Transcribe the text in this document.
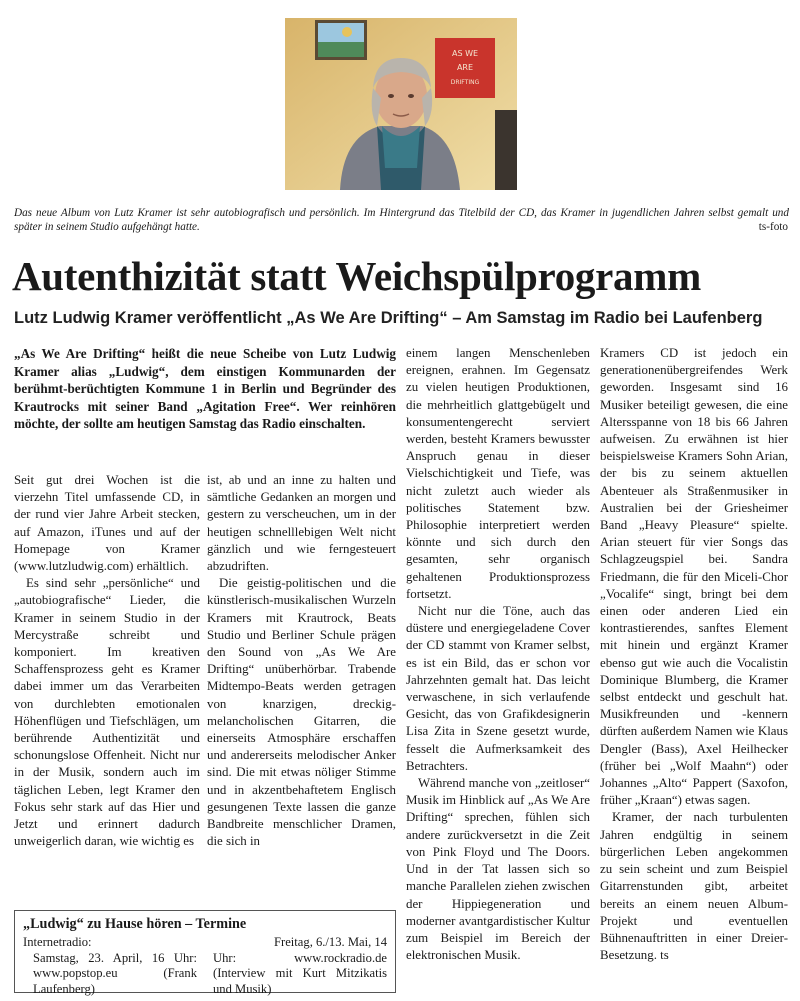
AS WE
ARE
DRIFTING

Das neue Album von Lutz Kramer ist sehr autobiografisch und persönlich. Im Hintergrund das Titelbild der CD, das Kramer in jugendlichen Jahren selbst gemalt und später in seinem Studio aufgehängt hatte.	ts-foto
Autenthizität statt Weichspülprogramm
Lutz Ludwig Kramer veröffentlicht „As We Are Drifting“ – Am Samstag im Radio bei Laufenberg

„As We Are Drifting“ heißt die neue Scheibe von Lutz Ludwig Kramer alias „Ludwig“, dem einstigen Kommunarden der berühmt-berüchtigten Kommune 1 in Berlin und Begründer des Krautrocks mit seiner Band „Agitation Free“. Wer reinhören möchte, der sollte am heutigen Samstag das Radio einschalten.

Seit gut drei Wochen ist die vierzehn Titel umfassende CD, in der rund vier Jahre Arbeit stecken, auf Amazon, iTunes und auf der Homepage von Kramer (www.lutzludwig.com) erhältlich.

Es sind sehr „persönliche“ und „autobiografische“ Lieder, die Kramer in seinem Studio in der Mercystraße schreibt und komponiert. Im kreativen Schaffensprozess geht es Kramer dabei immer um das Verarbeiten von durchlebten emotionalen Höhenflügen und Tiefschlägen, um berührende Authentizität und schonungslose Offenheit. Nicht nur in der Musik, sondern auch im täglichen Leben, legt Kramer den Fokus sehr stark auf das Hier und Jetzt und erinnert dadurch unweigerlich daran, wie wichtig es

ist, ab und an inne zu halten und sämtliche Gedanken an morgen und gestern zu verscheuchen, um in der heutigen schnelllebigen Welt nicht gänzlich und wie ferngesteuert abzudriften.

Die geistig-politischen und die künstlerisch-musikalischen Wurzeln Kramers mit Krautrock, Beats Studio und Berliner Schule prägen den Sound von „As We Are Drifting“ unüberhörbar. Trabende Midtempo-Beats werden getragen von knarzigen, dreckig-melancholischen Gitarren, die einerseits Atmosphäre erschaffen und andererseits melodischer Anker sind. Die mit etwas nöliger Stimme und in akzentbehaftetem Englisch gesungenen Texte lassen die ganze Bandbreite menschlicher Dramen, die sich in

einem langen Menschenleben ereignen, erahnen. Im Gegensatz zu vielen heutigen Produktionen, die mehrheitlich glattgebügelt und konsumentengerecht serviert werden, besteht Kramers bewusster Anspruch genau in dieser Vielschichtigkeit und Tiefe, was nicht zuletzt auch wieder als politisches Statement bzw. Philosophie interpretiert werden könnte und sich durch den gesamten, sehr organisch gehaltenen Produktionsprozess fortsetzt.

Nicht nur die Töne, auch das düstere und energiegeladene Cover der CD stammt von Kramer selbst, es ist ein Bild, das er schon vor Jahrzehnten gemalt hat. Das leicht verwaschene, in sich verlaufende Gesicht, das von Grafikdesignerin Lisa Zita in Szene gesetzt wurde, fesselt die Aufmerksamkeit des Betrachters.

Während manche von „zeitloser“ Musik im Hinblick auf „As We Are Drifting“ sprechen, fühlen sich andere zurückversetzt in die Zeit von Pink Floyd und The Doors. Und in der Tat lassen sich so manche Parallelen ziehen zwischen der Hippiegeneration und moderner avantgardistischer Kultur zum Beispiel im Bereich der elektronischen Musik.

Kramers CD ist jedoch ein generationenübergreifendes Werk geworden. Insgesamt sind 16 Musiker beteiligt gewesen, die eine Altersspanne von 18 bis 66 Jahren aufweisen. Zu erwähnen ist hier beispielsweise Kramers Sohn Arian, der bis zu seinem aktuellen Abenteuer als Straßenmusiker in Australien bei der Griesheimer Band „Heavy Pleasure“ spielte. Arian steuert für vier Songs das Schlagzeugspiel bei. Sandra Friedmann, die für den Miceli-Chor „Vocalife“ singt, bringt bei dem einen oder anderen Lied ein kontrastierendes, sanftes Element mit hinein und ergänzt Kramer ebenso gut wie auch die Vocalistin Dominique Blumberg, die Kramer selbst entdeckt und geschult hat. Musikfreunden und -kennern dürften außerdem Namen wie Klaus Dengler (Bass), Axel Heilhecker (früher bei „Wolf Maahn“) oder Johannes „Alto“ Pappert (Saxofon, früher „Kraan“) etwas sagen.

Kramer, der nach turbulenten Jahren endgültig in seinem bürgerlichen Leben angekommen zu sein scheint und zum Beispiel Gitarrenstunden gibt, arbeitet bereits an einem neuen Album-Projekt und eventuellen Bühnenauftritten in einer Dreier-Besetzung. ts

„Ludwig“ zu Hause hören – Termine
Internetradio:
Samstag, 23. April, 16 Uhr: www.popstop.eu (Frank Laufenberg)
Freitag, 6./13. Mai, 14
Uhr: www.rockradio.de (Interview mit Kurt Mitzikatis und Musik)
